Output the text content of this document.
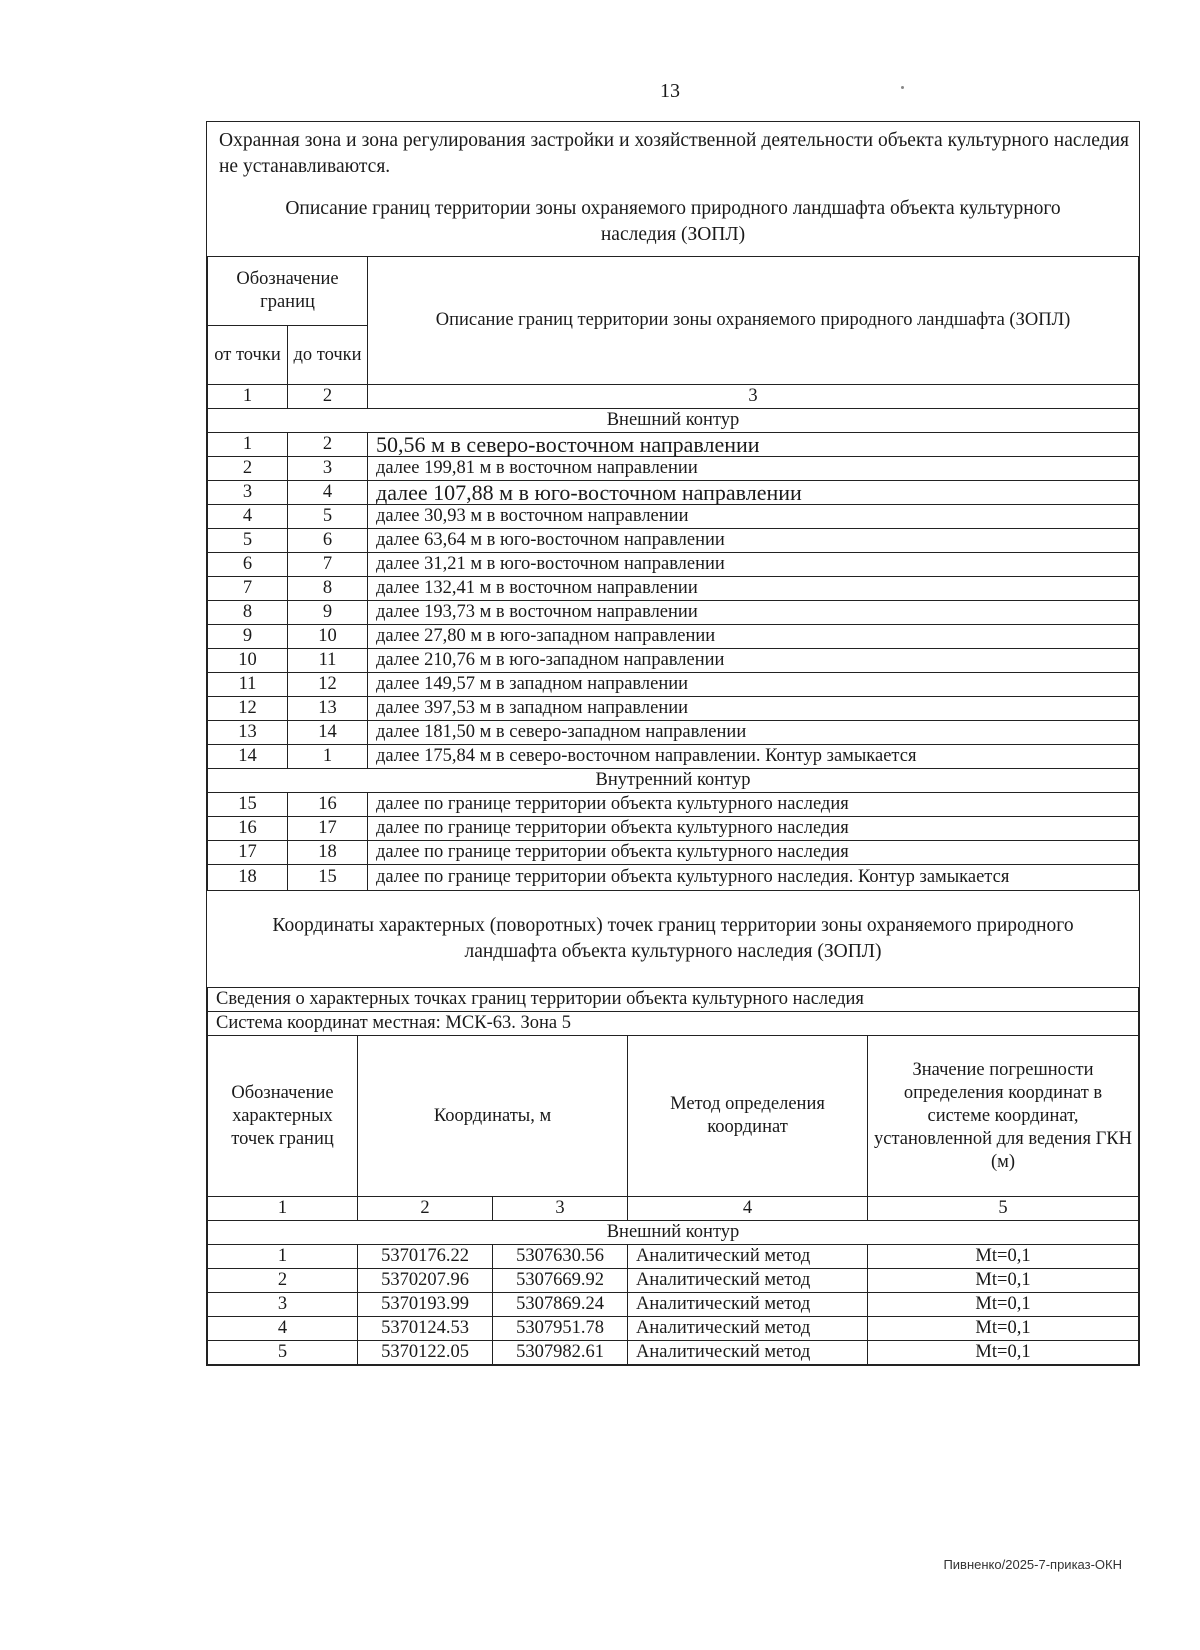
13
Охранная зона и зона регулирования застройки и хозяйственной деятельности объекта культурного наследия не устанавливаются.
Описание границ территории зоны охраняемого природного ландшафта объекта культурного наследия (ЗОПЛ)
Обозначение границ		Описание границ территории зоны охраняемого природного ландшафта (ЗОПЛ)
от точки	до точки	
1	2	3
Внешний контур		
1	2	50,56 м в северо-восточном направлении
2	3	далее 199,81 м в восточном направлении
3	4	далее 107,88 м в юго-восточном направлении
4	5	далее 30,93 м в восточном направлении
5	6	далее 63,64 м в юго-восточном направлении
6	7	далее 31,21 м в юго-восточном направлении
7	8	далее 132,41 м в восточном направлении
8	9	далее 193,73 м в восточном направлении
9	10	далее 27,80 м в юго-западном направлении
10	11	далее 210,76 м в юго-западном направлении
11	12	далее 149,57 м в западном направлении
12	13	далее 397,53 м в западном направлении
13	14	далее 181,50 м в северо-западном направлении
14	1	далее 175,84 м в северо-восточном направлении. Контур замыкается
Внутренний контур		
15	16	далее по границе территории объекта культурного наследия
16	17	далее по границе территории объекта культурного наследия
17	18	далее по границе территории объекта культурного наследия
18	15	далее по границе территории объекта культурного наследия. Контур замыкается
Координаты характерных (поворотных) точек границ территории зоны охраняемого природного ландшафта объекта культурного наследия (ЗОПЛ)
Сведения о характерных точках границ территории объекта культурного наследия				
Система координат местная: МСК-63. Зона 5				
Обозначение характерных точек границ	Координаты, м		Метод определения координат	Значение погрешности определения координат в системе координат, установленной для ведения ГКН (м)
1	2	3	4	5
Внешний контур				
1	5370176.22	5307630.56	Аналитический метод	Mt=0,1
2	5370207.96	5307669.92	Аналитический метод	Mt=0,1
3	5370193.99	5307869.24	Аналитический метод	Mt=0,1
4	5370124.53	5307951.78	Аналитический метод	Mt=0,1
5	5370122.05	5307982.61	Аналитический метод	Mt=0,1
Пивненко/2025-7-приказ-ОКН
